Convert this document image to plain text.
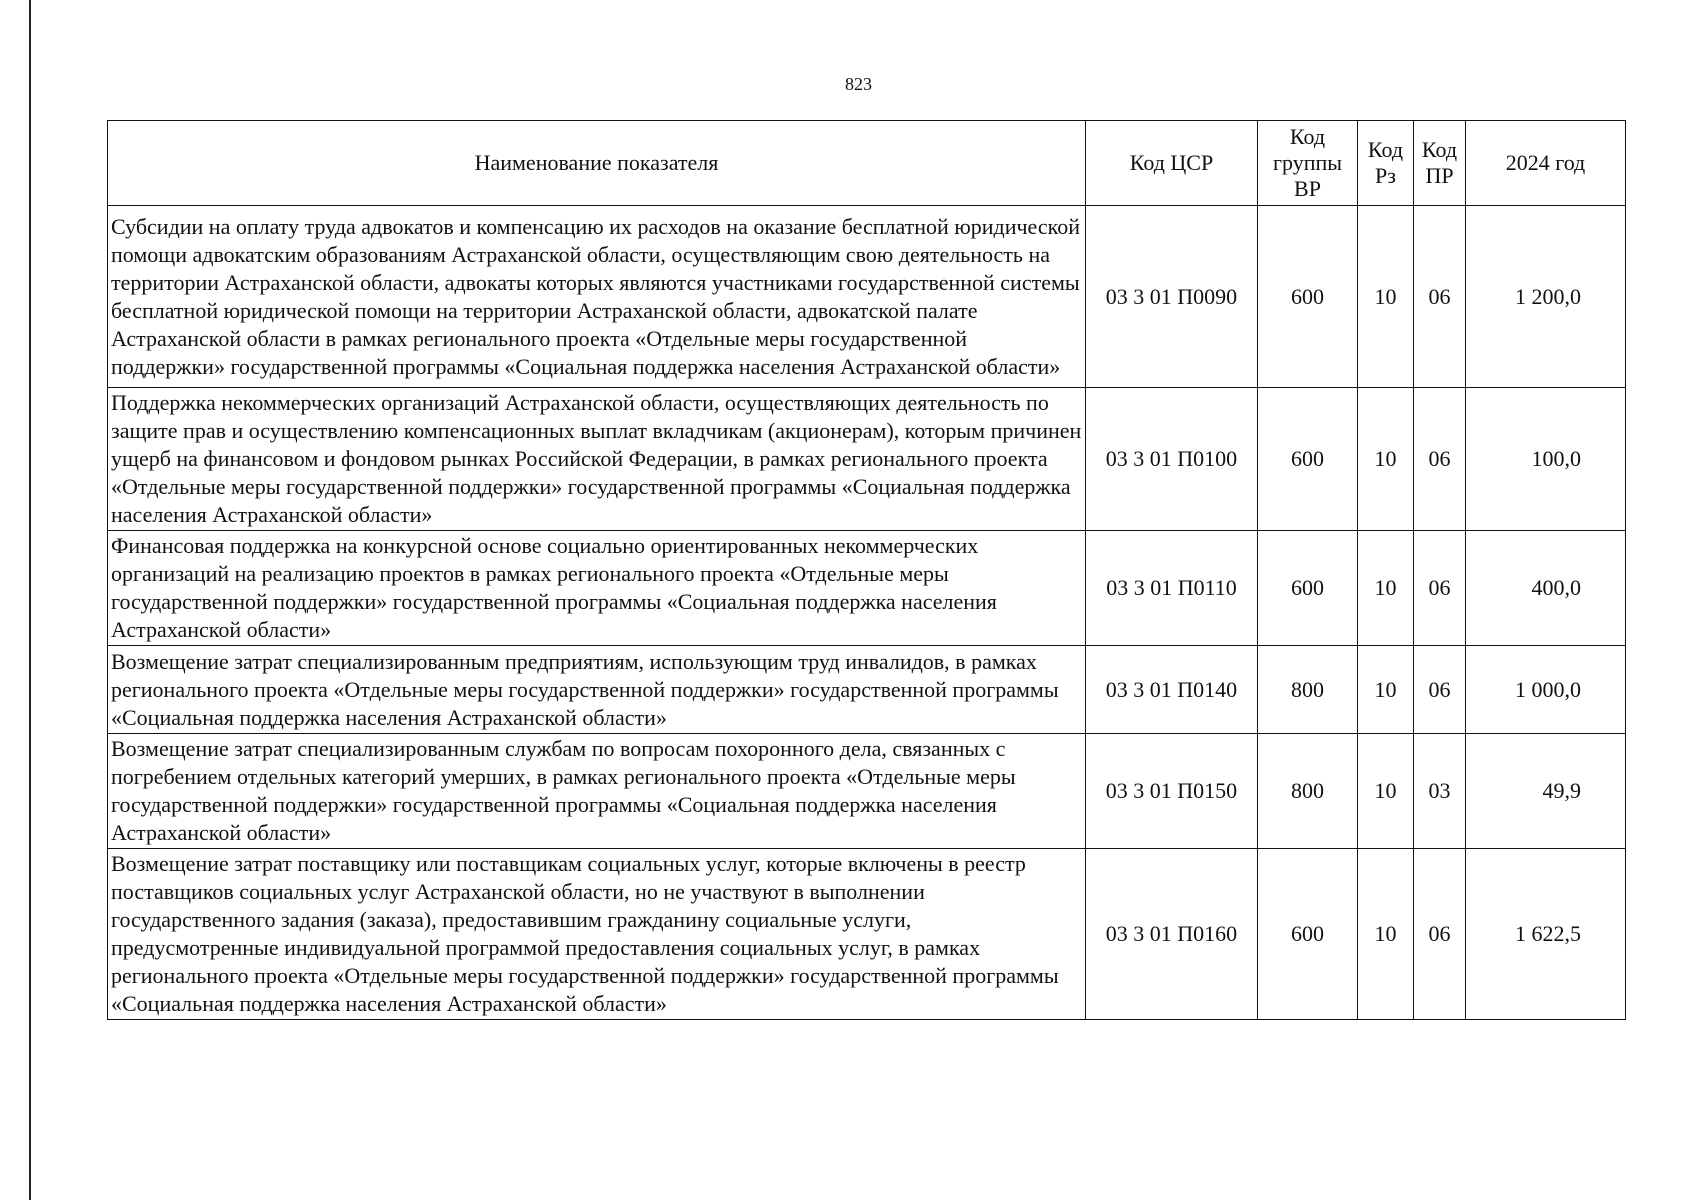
823
Наименование показателя	Код ЦСР	Код группы ВР	Код Рз	Код ПР	2024 год
Субсидии на оплату труда адвокатов и компенсацию их расходов на оказание бесплатной юридической помощи адвокатским образованиям Астраханской области, осуществляющим свою деятельность на территории Астраханской области, адвокаты которых являются участниками государственной системы бесплатной юридической помощи на территории Астраханской области, адвокатской палате Астраханской области в рамках регионального проекта «Отдельные меры государственной поддержки» государственной программы «Социальная поддержка населения Астраханской области»	03 3 01 П0090	600	10	06	1 200,0
Поддержка некоммерческих организаций Астраханской области, осуществляющих деятельность по защите прав и осуществлению компенсационных выплат вкладчикам (акционерам), которым причинен ущерб на финансовом и фондовом рынках Российской Федерации, в рамках регионального проекта «Отдельные меры государственной поддержки» государственной программы «Социальная поддержка населения Астраханской области»	03 3 01 П0100	600	10	06	100,0
Финансовая поддержка на конкурсной основе социально ориентированных некоммерческих организаций на реализацию проектов в рамках регионального проекта «Отдельные меры государственной поддержки» государственной программы «Социальная поддержка населения Астраханской области»	03 3 01 П0110	600	10	06	400,0
Возмещение затрат специализированным предприятиям, использующим труд инвалидов, в рамках регионального проекта «Отдельные меры государственной поддержки» государственной программы «Социальная поддержка населения Астраханской области»	03 3 01 П0140	800	10	06	1 000,0
Возмещение затрат специализированным службам по вопросам похоронного дела, связанных с погребением отдельных категорий умерших, в рамках регионального проекта «Отдельные меры государственной поддержки» государственной программы «Социальная поддержка населения Астраханской области»	03 3 01 П0150	800	10	03	49,9
Возмещение затрат поставщику или поставщикам социальных услуг, которые включены в реестр поставщиков социальных услуг Астраханской области, но не участвуют в выполнении государственного задания (заказа), предоставившим гражданину социальные услуги, предусмотренные индивидуальной программой предоставления социальных услуг, в рамках регионального проекта «Отдельные меры государственной поддержки» государственной программы «Социальная поддержка населения Астраханской области»	03 3 01 П0160	600	10	06	1 622,5
